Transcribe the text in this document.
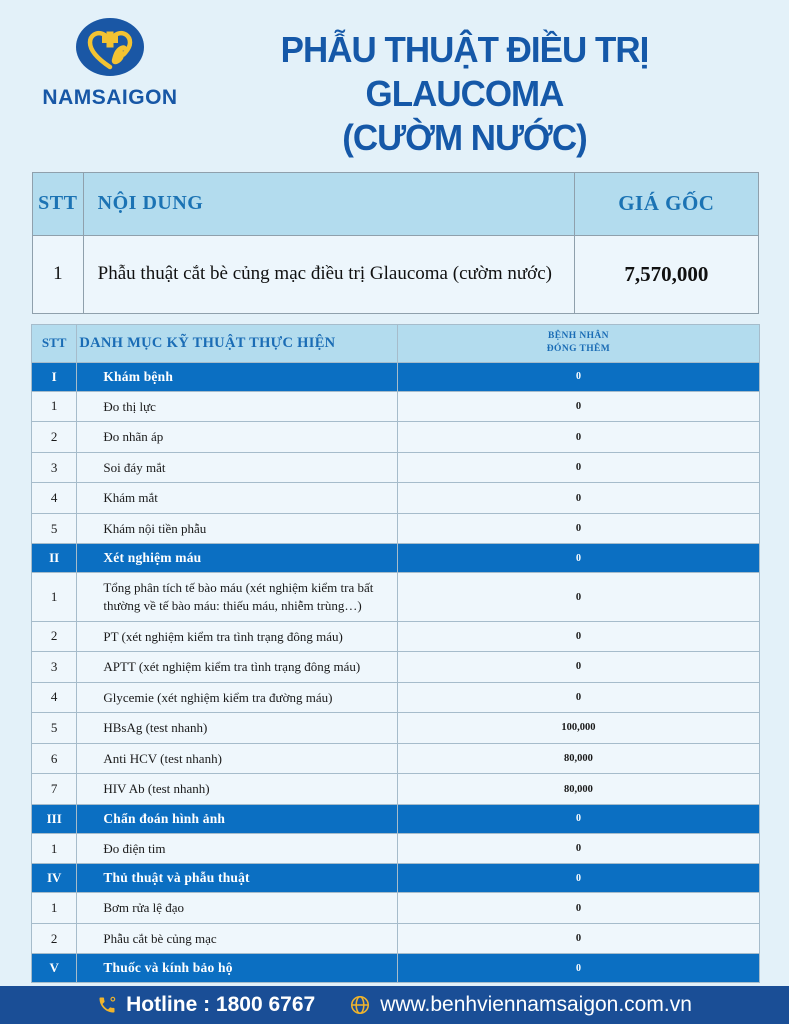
NAMSAIGON
PHẪU THUẬT ĐIỀU TRỊ GLAUCOMA
(CƯỜM NƯỚC)
STT	NỘI DUNG	GIÁ GỐC
1	Phẫu thuật cắt bè củng mạc điều trị Glaucoma (cườm nước)	7,570,000
STT	DANH MỤC KỸ THUẬT THỰC HIỆN	BỆNH NHÂN
ĐÓNG THÊM

I	Khám bệnh	0
1	Đo thị lực	0
2	Đo nhãn áp	0
3	Soi đáy mắt	0
4	Khám mắt	0
5	Khám nội tiền phẫu	0
II	Xét nghiệm máu	0
1	Tổng phân tích tế bào máu (xét nghiệm kiểm tra bất thường về tế bào máu: thiếu máu, nhiễm trùng…)	0
2	PT (xét nghiệm kiểm tra tình trạng đông máu)	0
3	APTT (xét nghiệm kiểm tra tình trạng đông máu)	0
4	Glycemie (xét nghiệm kiểm tra đường máu)	0
5	HBsAg (test nhanh)	100,000
6	Anti HCV (test nhanh)	80,000
7	HIV Ab (test nhanh)	80,000
III	Chẩn đoán hình ảnh	0
1	Đo điện tim	0
IV	Thủ thuật và phẫu thuật	0
1	Bơm rửa lệ đạo	0
2	Phẫu cắt bè củng mạc	0
V	Thuốc và kính bảo hộ	0
Hotline : 1800 6767	www.benhviennamsaigon.com.vn
